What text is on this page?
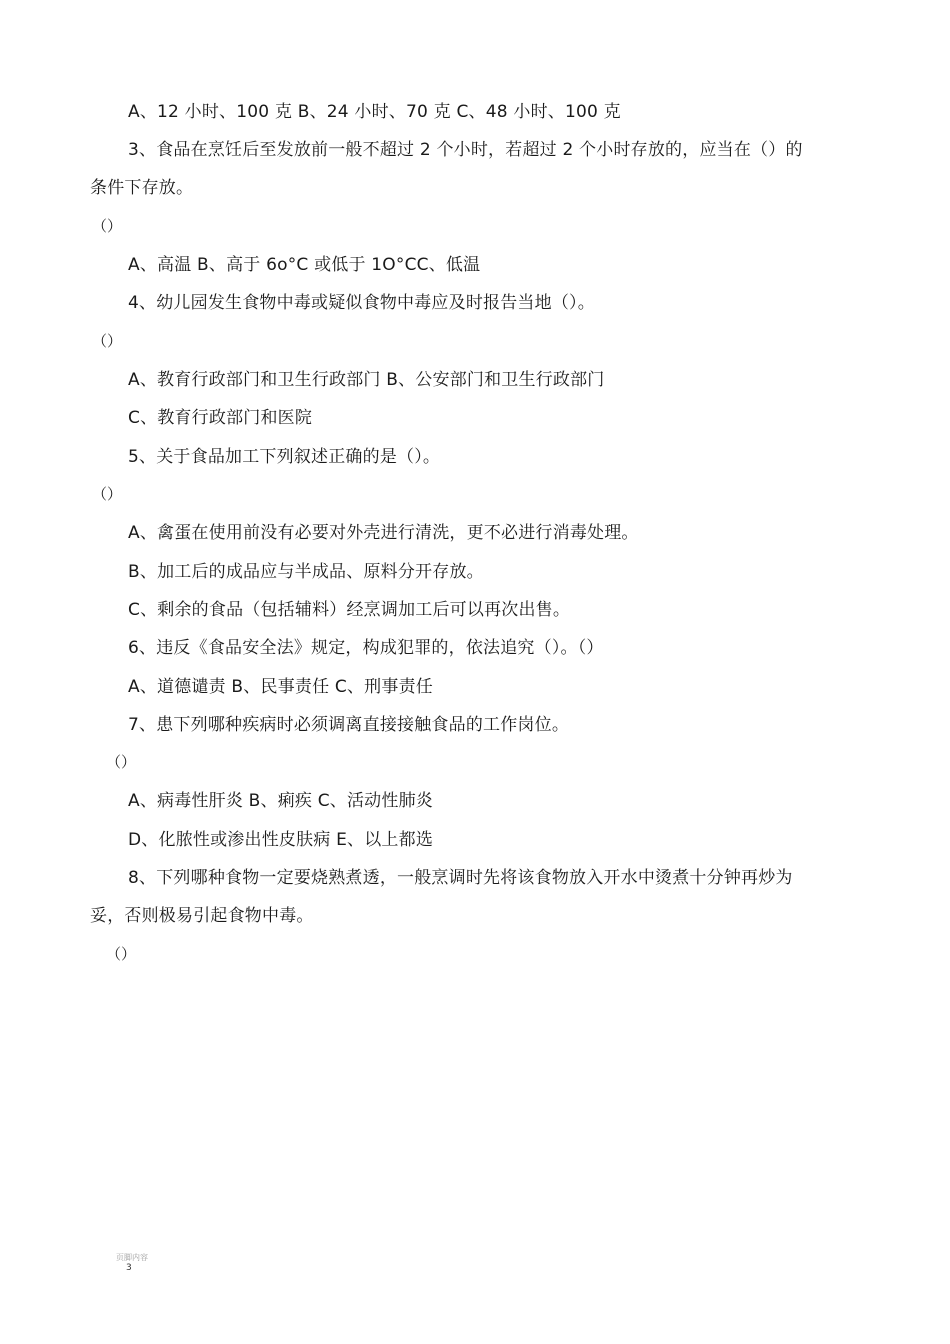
A、12 小时、100 克 B、24 小时、70 克 C、48 小时、100 克
3、食品在烹饪后至发放前一般不超过 2 个小时，若超过 2 个小时存放的，应当在（）的
条件下存放。
（）
A、高温 B、高于 6o°C 或低于 1O°CC、低温
4、幼儿园发生食物中毒或疑似食物中毒应及时报告当地（）。
（）
A、教育行政部门和卫生行政部门 B、公安部门和卫生行政部门
C、教育行政部门和医院
5、关于食品加工下列叙述正确的是（）。
（）
A、禽蛋在使用前没有必要对外壳进行清洗，更不必进行消毒处理。
B、加工后的成品应与半成品、原料分开存放。
C、剩余的食品（包括辅料）经烹调加工后可以再次出售。
6、违反《食品安全法》规定，构成犯罪的，依法追究（）。（）
A、道德谴责 B、民事责任 C、刑事责任
7、患下列哪种疾病时必须调离直接接触食品的工作岗位。
（）
A、病毒性肝炎 B、痢疾 C、活动性肺炎
D、化脓性或渗出性皮肤病 E、以上都选
8、下列哪种食物一定要烧熟煮透，一般烹调时先将该食物放入开水中烫煮十分钟再炒为
妥，否则极易引起食物中毒。
（）
页脚内容
3
